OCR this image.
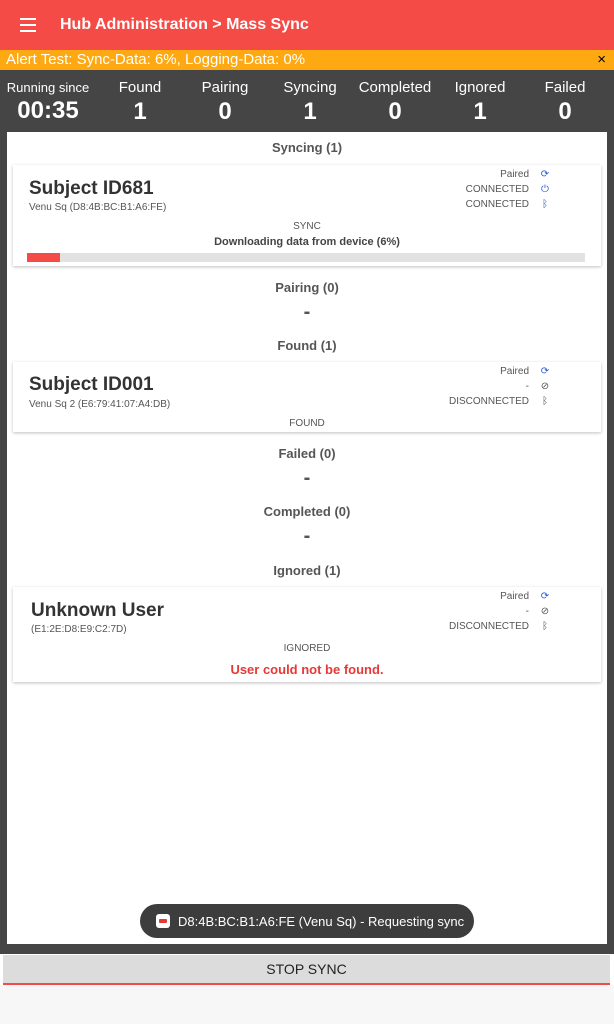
Hub Administration > Mass Sync
Alert Test: Sync-Data: 6%, Logging-Data: 0%	×
Running since
00:35
Found
1
Pairing
0
Syncing
1
Completed
0
Ignored
1
Failed
0
Syncing (1)
Subject ID681
Venu Sq (D8:4B:BC:B1:A6:FE)
Paired
CONNECTED
CONNECTED
⟳
⏻
ᛒ
SYNC
Downloading data from device (6%)
Pairing (0)
-
Found (1)
Subject ID001
Venu Sq 2 (E6:79:41:07:A4:DB)
Paired
-
DISCONNECTED
⟳
⊘
ᛒ
FOUND
Failed (0)
-
Completed (0)
-
Ignored (1)
Unknown User
(E1:2E:D8:E9:C2:7D)
Paired
-
DISCONNECTED
⟳
⊘
ᛒ
IGNORED
User could not be found.
D8:4B:BC:B1:A6:FE (Venu Sq) - Requesting sync
STOP SYNC
